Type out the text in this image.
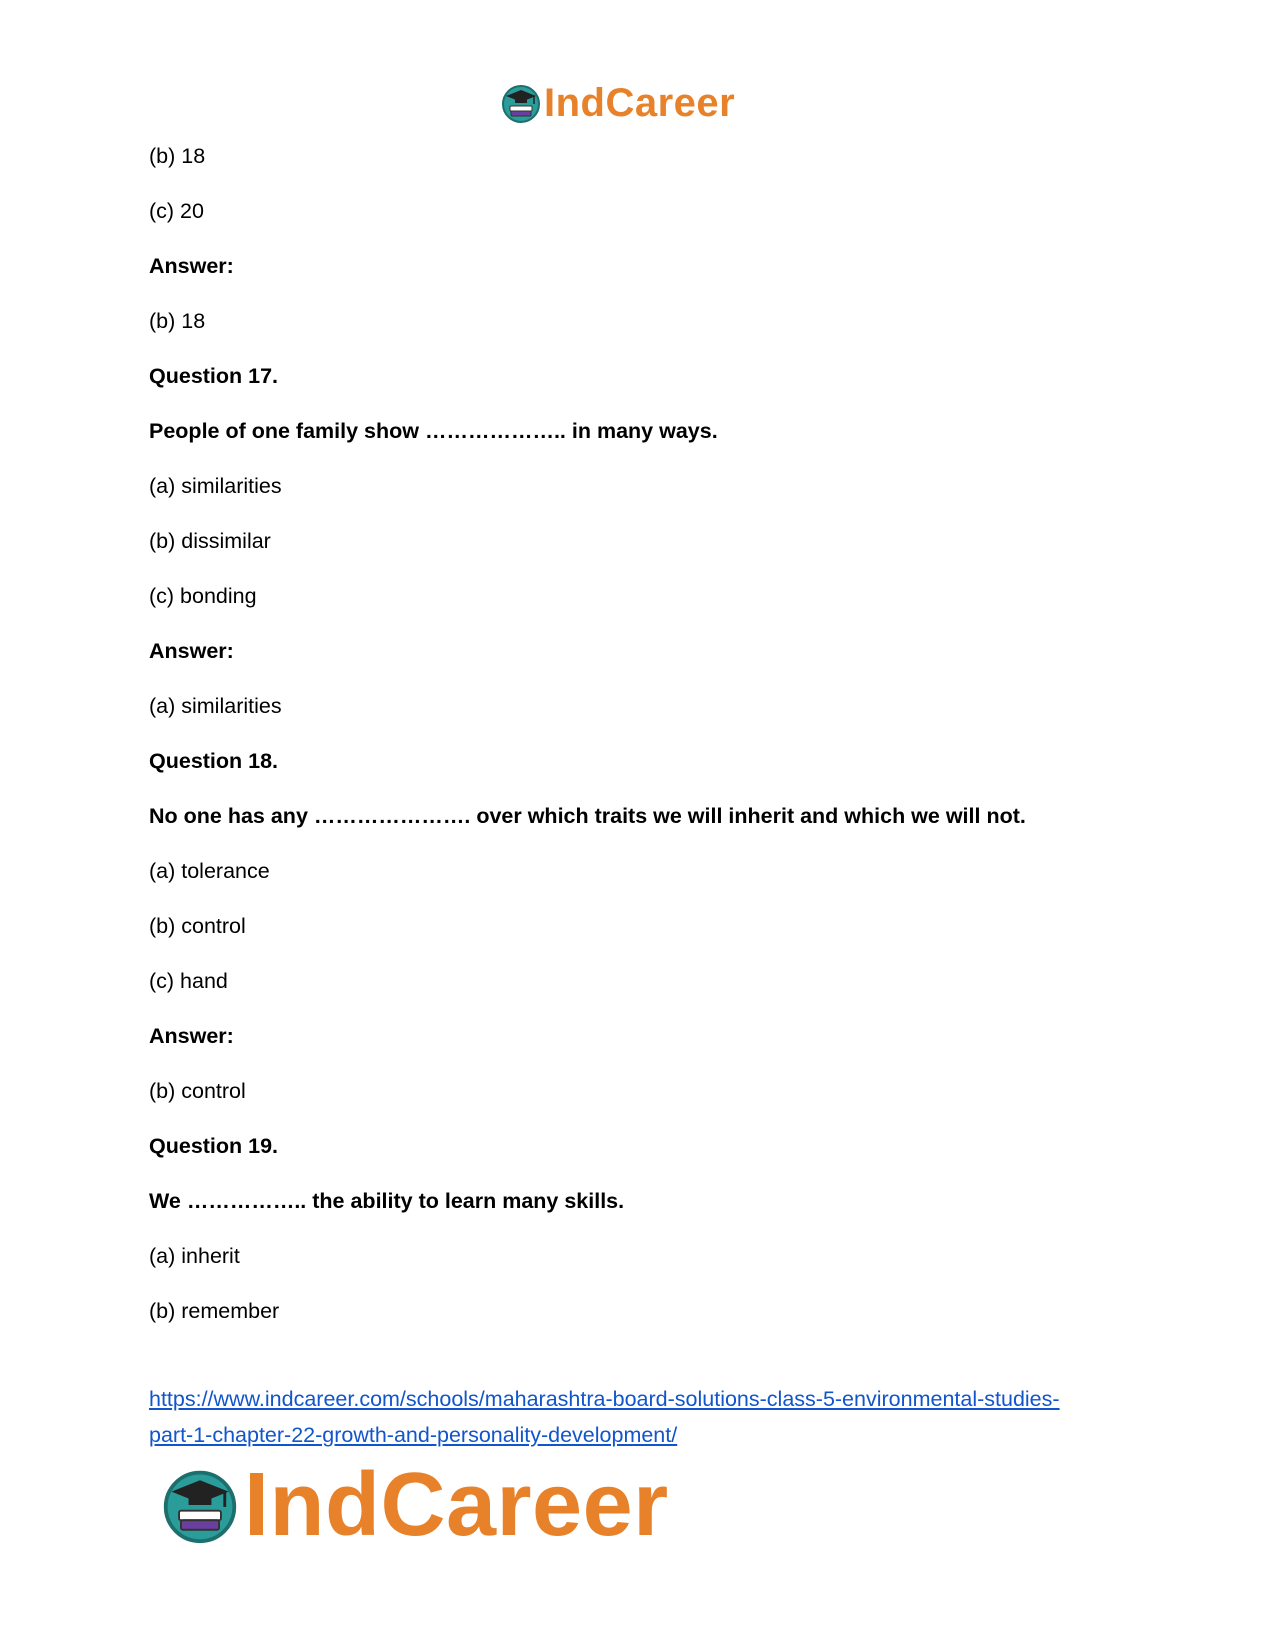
IndCareer
(b) 18
(c) 20
Answer:
(b) 18
Question 17.
People of one family show ……………….. in many ways.
(a) similarities
(b) dissimilar
(c) bonding
Answer:
(a) similarities
Question 18.
No one has any …………………. over which traits we will inherit and which we will not.
(a) tolerance
(b) control
(c) hand
Answer:
(b) control
Question 19.
We …………….. the ability to learn many skills.
(a) inherit
(b) remember
https://www.indcareer.com/schools/maharashtra-board-solutions-class-5-environmental-studies-
part-1-chapter-22-growth-and-personality-development/
IndCareer
